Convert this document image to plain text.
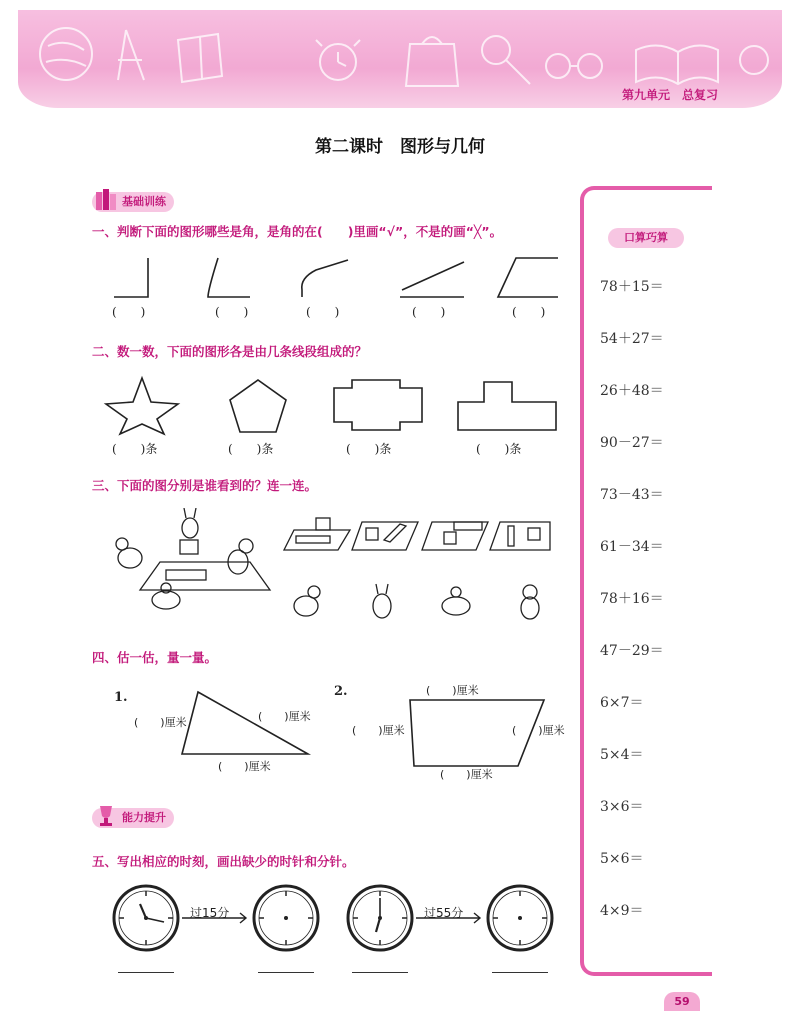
第九单元　总复习
第二课时　图形与几何
基础训练
一、判断下面的图形哪些是角，是角的在(　　)里画“√”，不是的画“╳”。
(　　)	(　　)	(　　)	(　　)	(　　)
二、数一数，下面的图形各是由几条线段组成的？
(　　)条	(　　)条	(　　)条	(　　)条
三、下面的图分别是谁看到的？连一连。
四、估一估，量一量。
1.	2.
(　　)厘米	(　　)厘米
(　　)厘米
(　　)厘米
(　　)厘米	(　　)厘米
(　　)厘米
能力提升
五、写出相应的时刻，画出缺少的时针和分针。
过15分	过55分
口算巧算
78＋15＝
54＋27＝
26＋48＝
90－27＝
73－43＝
61－34＝
78＋16＝
47－29＝
6×7＝
5×4＝
3×6＝
5×6＝
4×9＝
59
